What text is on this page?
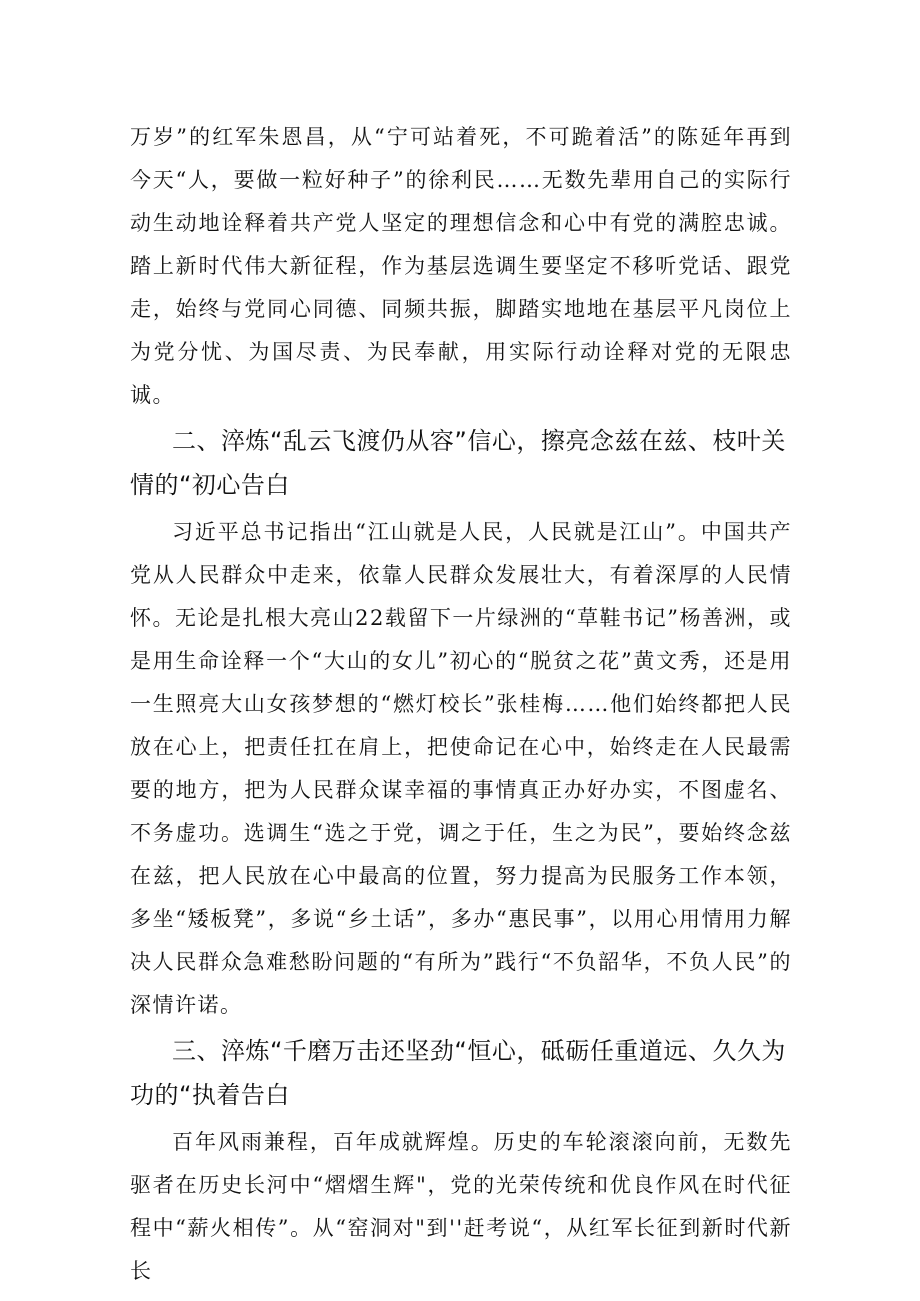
万岁”的红军朱恩昌，从“宁可站着死，不可跪着活”的陈延年再到今天“人，要做一粒好种子”的徐利民……无数先辈用自己的实际行动生动地诠释着共产党人坚定的理想信念和心中有党的满腔忠诚。踏上新时代伟大新征程，作为基层选调生要坚定不移听党话、跟党走，始终与党同心同德、同频共振，脚踏实地地在基层平凡岗位上为党分忧、为国尽责、为民奉献，用实际行动诠释对党的无限忠诚。

二、淬炼“乱云飞渡仍从容”信心，擦亮念兹在兹、枝叶关情的“初心告白

习近平总书记指出“江山就是人民，人民就是江山”。中国共产党从人民群众中走来，依靠人民群众发展壮大，有着深厚的人民情怀。无论是扎根大亮山22载留下一片绿洲的“草鞋书记”杨善洲，或是用生命诠释一个“大山的女儿”初心的“脱贫之花”黄文秀，还是用一生照亮大山女孩梦想的“燃灯校长”张桂梅……他们始终都把人民放在心上，把责任扛在肩上，把使命记在心中，始终走在人民最需要的地方，把为人民群众谋幸福的事情真正办好办实，不图虚名、不务虚功。选调生“选之于党，调之于任，生之为民”，要始终念兹在兹，把人民放在心中最高的位置，努力提高为民服务工作本领，多坐“矮板凳”，多说“乡土话”，多办“惠民事”，以用心用情用力解决人民群众急难愁盼问题的“有所为”践行“不负韶华，不负人民”的深情许诺。

三、淬炼“千磨万击还坚劲“恒心，砥砺任重道远、久久为功的“执着告白

百年风雨兼程，百年成就辉煌。历史的车轮滚滚向前，无数先驱者在历史长河中“熠熠生辉"，党的光荣传统和优良作风在时代征程中“薪火相传”。从“窑洞对"到''赶考说“，从红军长征到新时代新长
